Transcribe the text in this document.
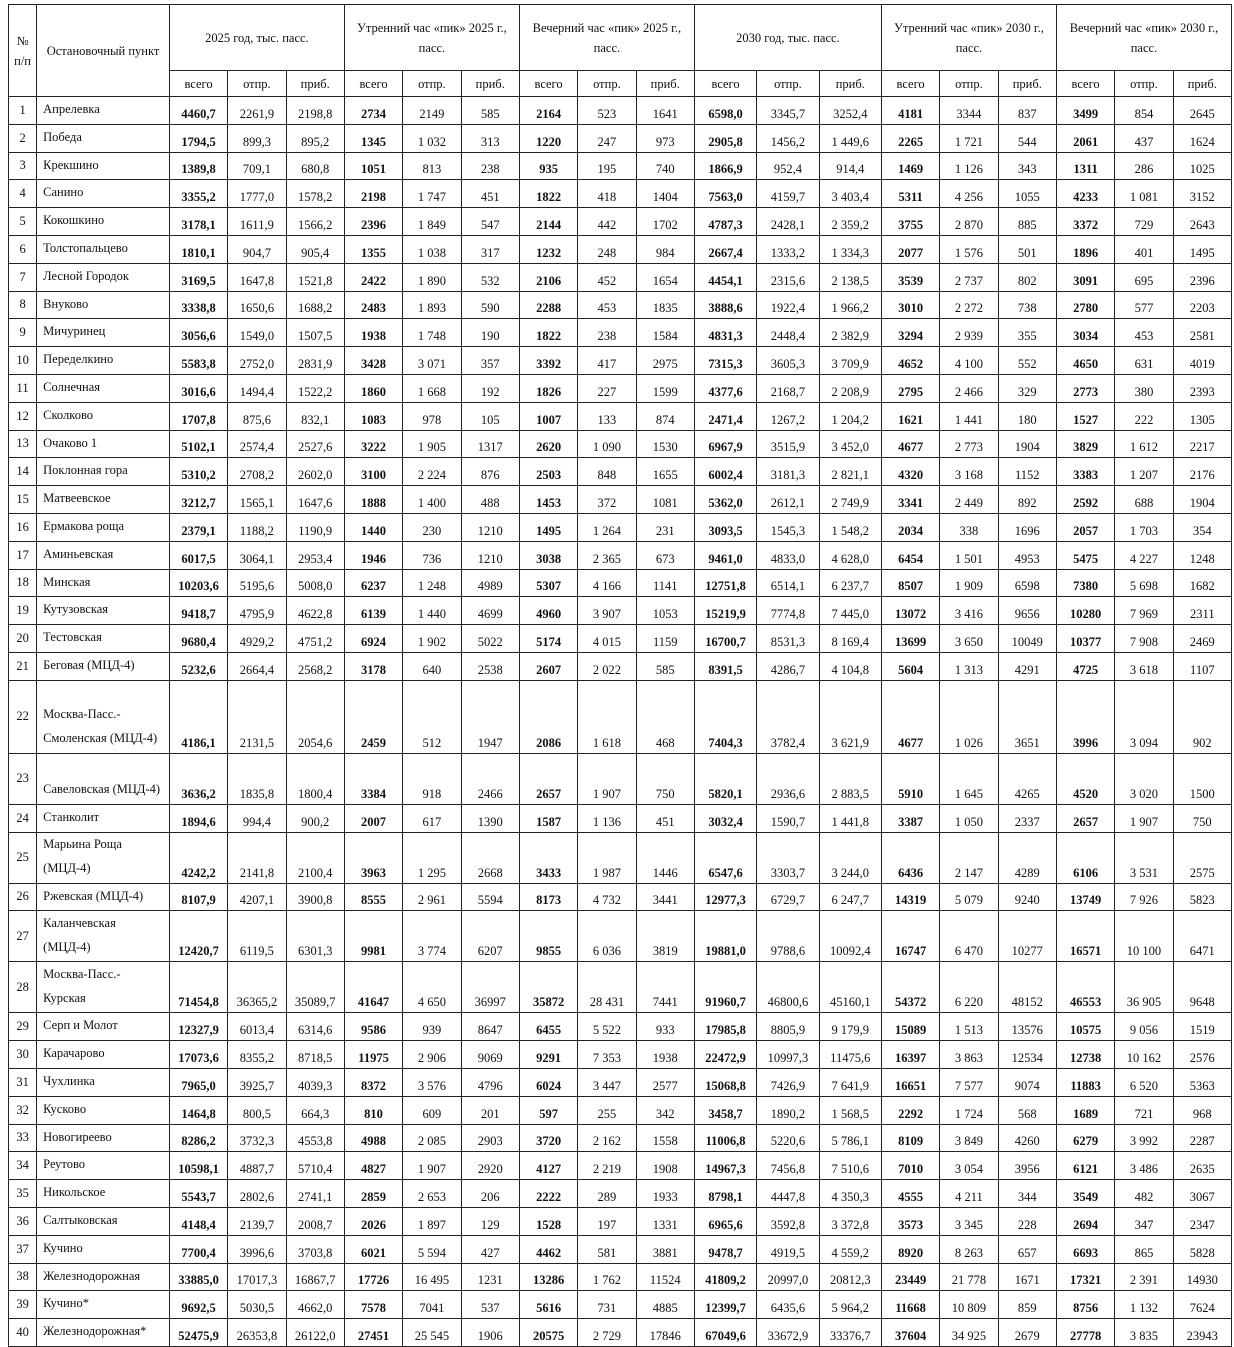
№ п/п	Остановочный пункт	2025 год, тыс. пасс.			Утренний час «пик» 2025 г., пасс.			Вечерний час «пик» 2025 г., пасс.			2030 год, тыс. пасс.			Утренний час «пик» 2030 г., пасс.			Вечерний час «пик» 2030 г., пасс.		
		всего	отпр.	приб.	всего	отпр.	приб.	всего	отпр.	приб.	всего	отпр.	приб.	всего	отпр.	приб.	всего	отпр.	приб.
1	Апрелевка	4460,7	2261,9	2198,8	2734	2149	585	2164	523	1641	6598,0	3345,7	3252,4	4181	3344	837	3499	854	2645
2	Победа	1794,5	899,3	895,2	1345	1 032	313	1220	247	973	2905,8	1456,2	1 449,6	2265	1 721	544	2061	437	1624
3	Крекшино	1389,8	709,1	680,8	1051	813	238	935	195	740	1866,9	952,4	914,4	1469	1 126	343	1311	286	1025
4	Санино	3355,2	1777,0	1578,2	2198	1 747	451	1822	418	1404	7563,0	4159,7	3 403,4	5311	4 256	1055	4233	1 081	3152
5	Кокошкино	3178,1	1611,9	1566,2	2396	1 849	547	2144	442	1702	4787,3	2428,1	2 359,2	3755	2 870	885	3372	729	2643
6	Толстопальцево	1810,1	904,7	905,4	1355	1 038	317	1232	248	984	2667,4	1333,2	1 334,3	2077	1 576	501	1896	401	1495
7	Лесной Городок	3169,5	1647,8	1521,8	2422	1 890	532	2106	452	1654	4454,1	2315,6	2 138,5	3539	2 737	802	3091	695	2396
8	Внуково	3338,8	1650,6	1688,2	2483	1 893	590	2288	453	1835	3888,6	1922,4	1 966,2	3010	2 272	738	2780	577	2203
9	Мичуринец	3056,6	1549,0	1507,5	1938	1 748	190	1822	238	1584	4831,3	2448,4	2 382,9	3294	2 939	355	3034	453	2581
10	Переделкино	5583,8	2752,0	2831,9	3428	3 071	357	3392	417	2975	7315,3	3605,3	3 709,9	4652	4 100	552	4650	631	4019
11	Солнечная	3016,6	1494,4	1522,2	1860	1 668	192	1826	227	1599	4377,6	2168,7	2 208,9	2795	2 466	329	2773	380	2393
12	Сколково	1707,8	875,6	832,1	1083	978	105	1007	133	874	2471,4	1267,2	1 204,2	1621	1 441	180	1527	222	1305
13	Очаково 1	5102,1	2574,4	2527,6	3222	1 905	1317	2620	1 090	1530	6967,9	3515,9	3 452,0	4677	2 773	1904	3829	1 612	2217
14	Поклонная гора	5310,2	2708,2	2602,0	3100	2 224	876	2503	848	1655	6002,4	3181,3	2 821,1	4320	3 168	1152	3383	1 207	2176
15	Матвеевское	3212,7	1565,1	1647,6	1888	1 400	488	1453	372	1081	5362,0	2612,1	2 749,9	3341	2 449	892	2592	688	1904
16	Ермакова роща	2379,1	1188,2	1190,9	1440	230	1210	1495	1 264	231	3093,5	1545,3	1 548,2	2034	338	1696	2057	1 703	354
17	Аминьевская	6017,5	3064,1	2953,4	1946	736	1210	3038	2 365	673	9461,0	4833,0	4 628,0	6454	1 501	4953	5475	4 227	1248
18	Минская	10203,6	5195,6	5008,0	6237	1 248	4989	5307	4 166	1141	12751,8	6514,1	6 237,7	8507	1 909	6598	7380	5 698	1682
19	Кутузовская	9418,7	4795,9	4622,8	6139	1 440	4699	4960	3 907	1053	15219,9	7774,8	7 445,0	13072	3 416	9656	10280	7 969	2311
20	Тестовская	9680,4	4929,2	4751,2	6924	1 902	5022	5174	4 015	1159	16700,7	8531,3	8 169,4	13699	3 650	10049	10377	7 908	2469
21	Беговая (МЦД-4)	5232,6	2664,4	2568,2	3178	640	2538	2607	2 022	585	8391,5	4286,7	4 104,8	5604	1 313	4291	4725	3 618	1107
22	Москва-Пасс.- Смоленская (МЦД-4)	4186,1	2131,5	2054,6	2459	512	1947	2086	1 618	468	7404,3	3782,4	3 621,9	4677	1 026	3651	3996	3 094	902
23	Савеловская (МЦД-4)	3636,2	1835,8	1800,4	3384	918	2466	2657	1 907	750	5820,1	2936,6	2 883,5	5910	1 645	4265	4520	3 020	1500
24	Станколит	1894,6	994,4	900,2	2007	617	1390	1587	1 136	451	3032,4	1590,7	1 441,8	3387	1 050	2337	2657	1 907	750
25	Марьина Роща (МЦД-4)	4242,2	2141,8	2100,4	3963	1 295	2668	3433	1 987	1446	6547,6	3303,7	3 244,0	6436	2 147	4289	6106	3 531	2575
26	Ржевская (МЦД-4)	8107,9	4207,1	3900,8	8555	2 961	5594	8173	4 732	3441	12977,3	6729,7	6 247,7	14319	5 079	9240	13749	7 926	5823
27	Каланчевская (МЦД-4)	12420,7	6119,5	6301,3	9981	3 774	6207	9855	6 036	3819	19881,0	9788,6	10092,4	16747	6 470	10277	16571	10 100	6471
28	Москва-Пасс.- Курская	71454,8	36365,2	35089,7	41647	4 650	36997	35872	28 431	7441	91960,7	46800,6	45160,1	54372	6 220	48152	46553	36 905	9648
29	Серп и Молот	12327,9	6013,4	6314,6	9586	939	8647	6455	5 522	933	17985,8	8805,9	9 179,9	15089	1 513	13576	10575	9 056	1519
30	Карачарово	17073,6	8355,2	8718,5	11975	2 906	9069	9291	7 353	1938	22472,9	10997,3	11475,6	16397	3 863	12534	12738	10 162	2576
31	Чухлинка	7965,0	3925,7	4039,3	8372	3 576	4796	6024	3 447	2577	15068,8	7426,9	7 641,9	16651	7 577	9074	11883	6 520	5363
32	Кусково	1464,8	800,5	664,3	810	609	201	597	255	342	3458,7	1890,2	1 568,5	2292	1 724	568	1689	721	968
33	Новогиреево	8286,2	3732,3	4553,8	4988	2 085	2903	3720	2 162	1558	11006,8	5220,6	5 786,1	8109	3 849	4260	6279	3 992	2287
34	Реутово	10598,1	4887,7	5710,4	4827	1 907	2920	4127	2 219	1908	14967,3	7456,8	7 510,6	7010	3 054	3956	6121	3 486	2635
35	Никольское	5543,7	2802,6	2741,1	2859	2 653	206	2222	289	1933	8798,1	4447,8	4 350,3	4555	4 211	344	3549	482	3067
36	Салтыковская	4148,4	2139,7	2008,7	2026	1 897	129	1528	197	1331	6965,6	3592,8	3 372,8	3573	3 345	228	2694	347	2347
37	Кучино	7700,4	3996,6	3703,8	6021	5 594	427	4462	581	3881	9478,7	4919,5	4 559,2	8920	8 263	657	6693	865	5828
38	Железнодорожная	33885,0	17017,3	16867,7	17726	16 495	1231	13286	1 762	11524	41809,2	20997,0	20812,3	23449	21 778	1671	17321	2 391	14930
39	Кучино*	9692,5	5030,5	4662,0	7578	7041	537	5616	731	4885	12399,7	6435,6	5 964,2	11668	10 809	859	8756	1 132	7624
40	Железнодорожная*	52475,9	26353,8	26122,0	27451	25 545	1906	20575	2 729	17846	67049,6	33672,9	33376,7	37604	34 925	2679	27778	3 835	23943
